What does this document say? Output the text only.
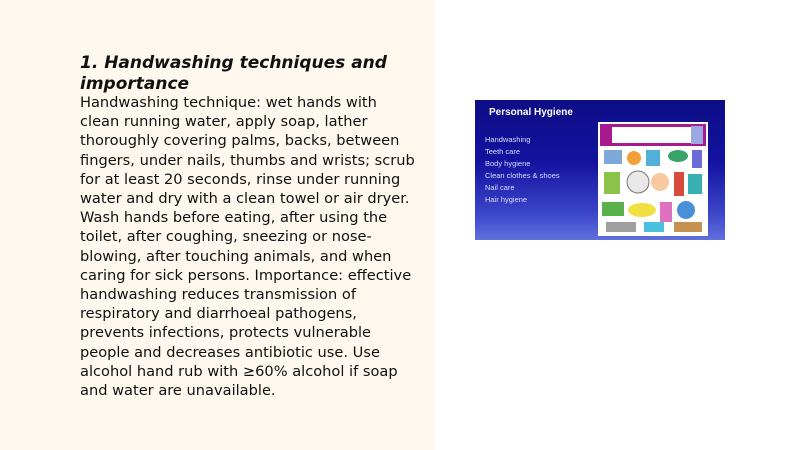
1. Handwashing techniques and importance

Handwashing technique: wet hands with clean running water, apply soap, lather thoroughly covering palms, backs, between fingers, under nails, thumbs and wrists; scrub for at least 20 seconds, rinse under running water and dry with a clean towel or air dryer. Wash hands before eating, after using the toilet, after coughing, sneezing or nose-blowing, after touching animals, and when caring for sick persons. Importance: effective handwashing reduces transmission of respiratory and diarrhoeal pathogens, prevents infections, protects vulnerable people and decreases antibiotic use. Use alcohol hand rub with ≥60% alcohol if soap and water are unavailable.

Personal Hygiene
Handwashing
Teeth care
Body hygiene
Clean clothes & shoes
Nail care
Hair hygiene
